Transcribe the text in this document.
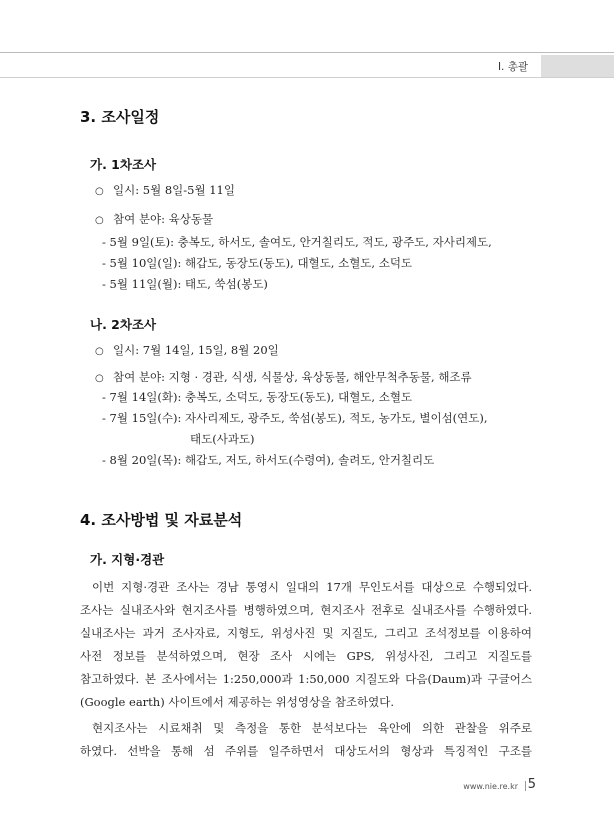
Ⅰ. 총괄
3. 조사일정
가. 1차조사
○ 일시: 5월 8일-5월 11일
○ 참여 분야: 육상동물
- 5월 9일(토): 충복도, 하서도, 솔여도, 안거칠리도, 적도, 광주도, 자사리제도,
- 5월 10일(일): 해갑도, 동장도(동도), 대혈도, 소혈도, 소덕도
- 5월 11일(월): 태도, 쑥섬(봉도)
나. 2차조사
○ 일시: 7월 14일, 15일, 8월 20일
○ 참여 분야: 지형 · 경관, 식생, 식물상, 육상동물, 해안무척추동물, 해조류
- 7월 14일(화): 충복도, 소덕도, 동장도(동도), 대혈도, 소혈도
- 7월 15일(수): 자사리제도, 광주도, 쑥섬(봉도), 적도, 농가도, 별이섬(연도),
태도(사과도)
- 8월 20일(목): 해갑도, 저도, 하서도(수령여), 솔려도, 안거칠리도
4. 조사방법 및 자료분석
가. 지형·경관
이번 지형·경관 조사는 경남 통영시 일대의 17개 무인도서를 대상으로 수행되었다.
조사는 실내조사와 현지조사를 병행하였으며, 현지조사 전후로 실내조사를 수행하였다.
실내조사는 과거 조사자료, 지형도, 위성사진 및 지질도, 그리고 조석정보를 이용하여
사전 정보를 분석하였으며, 현장 조사 시에는 GPS, 위성사진, 그리고 지질도를
참고하였다. 본 조사에서는 1:250,000과 1:50,000 지질도와 다음(Daum)과 구글어스
(Google earth) 사이트에서 제공하는 위성영상을 참조하였다.
현지조사는 시료채취 및 측정을 통한 분석보다는 육안에 의한 관찰을 위주로
하였다. 선박을 통해 섬 주위를 일주하면서 대상도서의 형상과 특징적인 구조를
www.nie.re.kr 5
